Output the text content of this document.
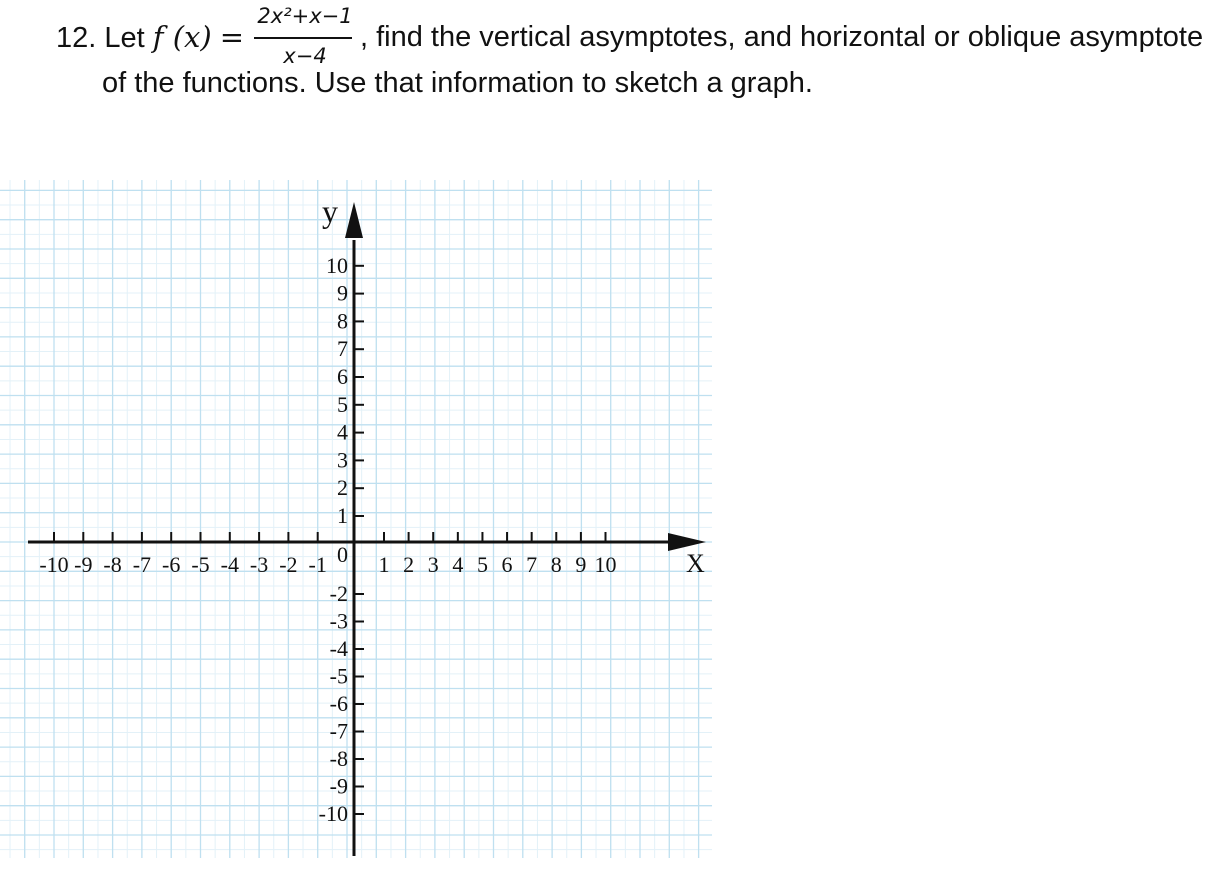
12. Let f (x) =
2x²+x−1
x−4
, find the vertical asymptotes, and horizontal or oblique asymptote
of the functions. Use that information to sketch a graph.
-10 -9 -8 -7 -6 -5 -4 -3 -2 -1 1 2 3 4 5 6 7 8 9 10
0
1
2
3
4
5
6
7
8
9
10
-2
-3
-4
-5
-6
-7
-8
-9
-10
X
y
